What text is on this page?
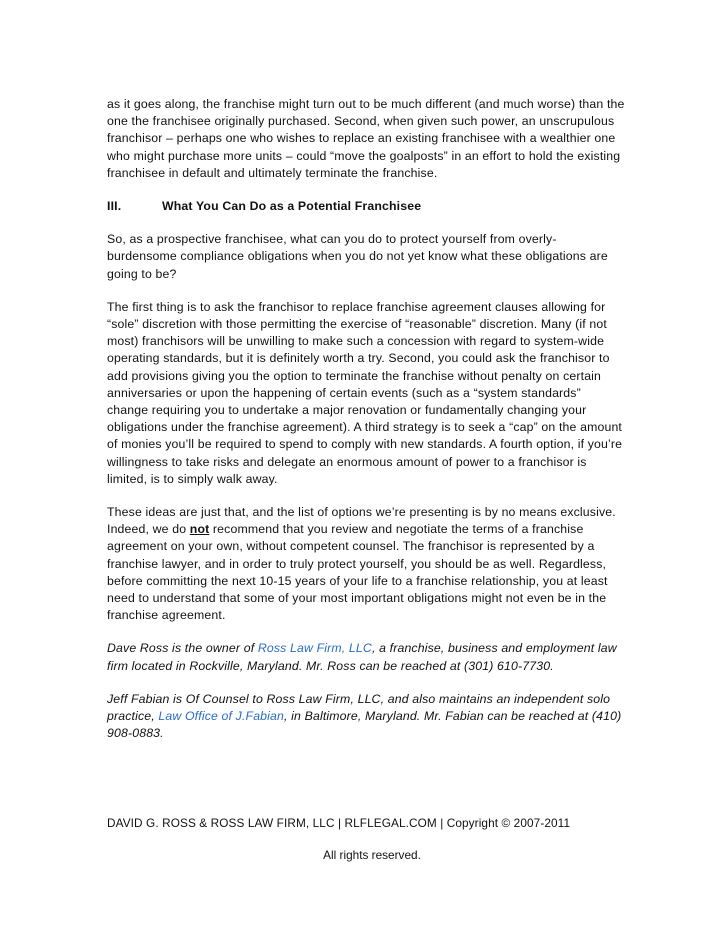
as it goes along, the franchise might turn out to be much different (and much worse) than the one the franchisee originally purchased. Second, when given such power, an unscrupulous franchisor – perhaps one who wishes to replace an existing franchisee with a wealthier one who might purchase more units – could “move the goalposts” in an effort to hold the existing franchisee in default and ultimately terminate the franchise.

III.	What You Can Do as a Potential Franchisee

So, as a prospective franchisee, what can you do to protect yourself from overly-burdensome compliance obligations when you do not yet know what these obligations are going to be?

The first thing is to ask the franchisor to replace franchise agreement clauses allowing for “sole” discretion with those permitting the exercise of “reasonable” discretion. Many (if not most) franchisors will be unwilling to make such a concession with regard to system-wide operating standards, but it is definitely worth a try. Second, you could ask the franchisor to add provisions giving you the option to terminate the franchise without penalty on certain anniversaries or upon the happening of certain events (such as a “system standards” change requiring you to undertake a major renovation or fundamentally changing your obligations under the franchise agreement). A third strategy is to seek a “cap” on the amount of monies you’ll be required to spend to comply with new standards. A fourth option, if you’re willingness to take risks and delegate an enormous amount of power to a franchisor is limited, is to simply walk away.

These ideas are just that, and the list of options we’re presenting is by no means exclusive. Indeed, we do not recommend that you review and negotiate the terms of a franchise agreement on your own, without competent counsel. The franchisor is represented by a franchise lawyer, and in order to truly protect yourself, you should be as well. Regardless, before committing the next 10-15 years of your life to a franchise relationship, you at least need to understand that some of your most important obligations might not even be in the franchise agreement.

Dave Ross is the owner of Ross Law Firm, LLC, a franchise, business and employment law firm located in Rockville, Maryland. Mr. Ross can be reached at (301) 610-7730.

Jeff Fabian is Of Counsel to Ross Law Firm, LLC, and also maintains an independent solo practice, Law Office of J.Fabian, in Baltimore, Maryland. Mr. Fabian can be reached at (410) 908-0883.

DAVID G. ROSS & ROSS LAW FIRM, LLC | RLFLEGAL.COM | Copyright © 2007-2011
All rights reserved.
